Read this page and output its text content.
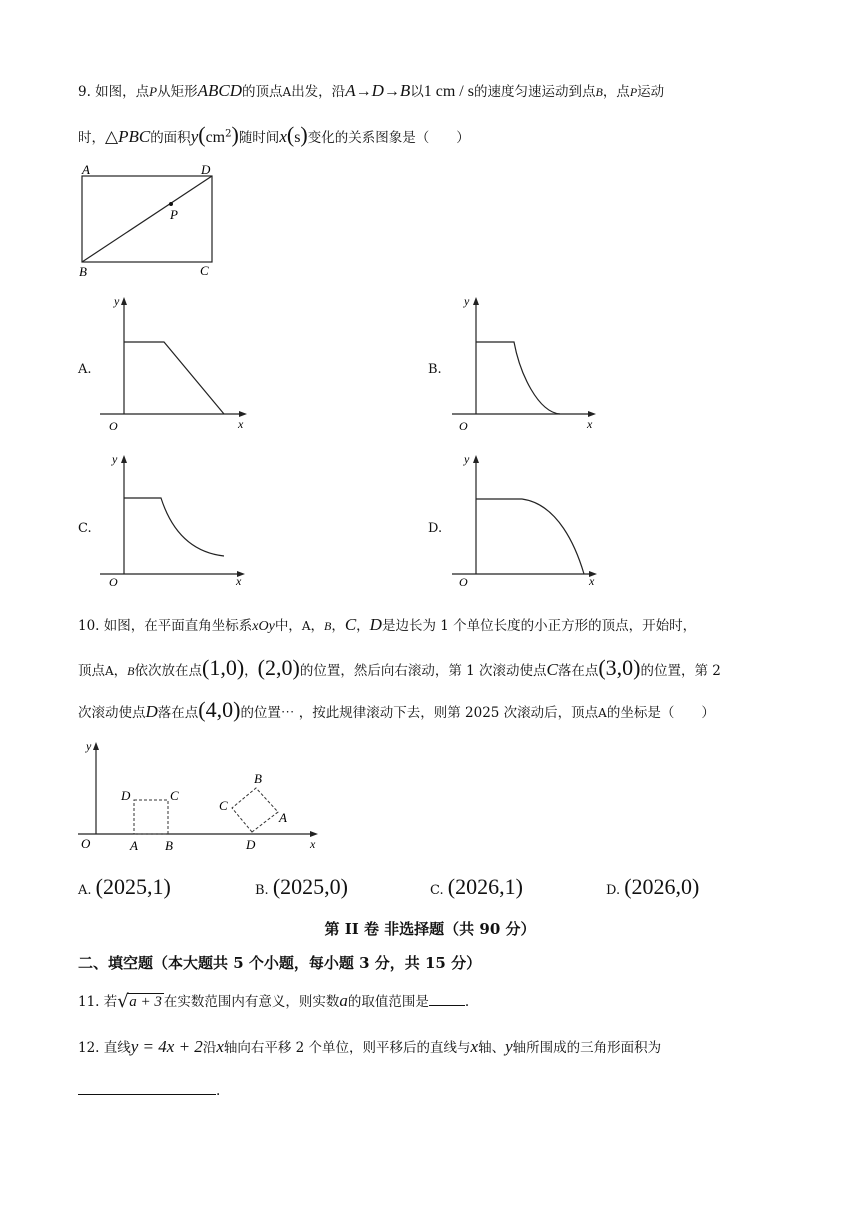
9. 如图，点P从矩形ABCD的顶点A出发，沿A→D→B以1 cm / s的速度匀速运动到点B，点P运动
时，△PBC的面积$y(cm^2)$随时间x(s)变化的关系图象是（　　）
A	D
P
B	C
A.
y
O	x
B.
y
O	x
C.
y
O	x
D.
y
O	x
10. 如图，在平面直角坐标系xOy中，A，B，C，D是边长为 1 个单位长度的小正方形的顶点，开始时，
顶点A，B依次放在点(1,0)，(2,0)的位置，然后向右滚动，第 1 次滚动使点C落在点(3,0)的位置，第 2
次滚动使点D落在点(4,0)的位置⋯ ，按此规律滚动下去，则第 2025 次滚动后，顶点A的坐标是（　　）
y
O	x
D	C
A B
B
C
A
D
A. (2025,1)	B. (2025,0)	C. (2026,1)	D. (2026,0)
第 II 卷 非选择题（共 90 分）
二、填空题（本大题共 5 个小题，每小题 3 分，共 15 分）
11. 若 √ a + 3 在实数范围内有意义，则实数a的取值范围是	.
12. 直线y = 4x + 2沿x轴向右平移 2 个单位，则平移后的直线与x轴、y轴所围成的三角形面积为
.
